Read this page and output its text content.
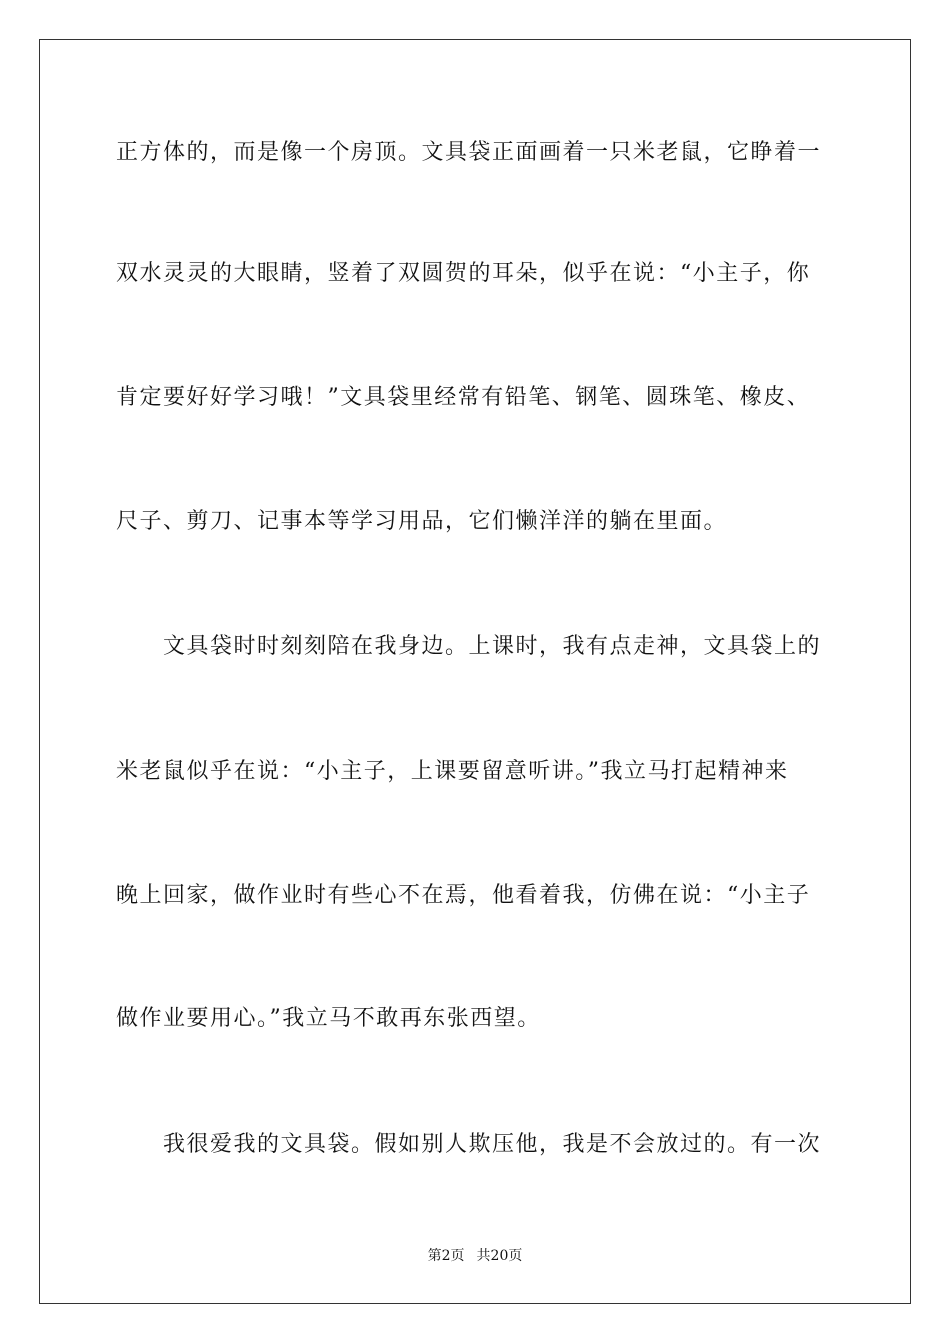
正方体的，而是像一个房顶。文具袋正面画着一只米老鼠，它睁着一
双水灵灵的大眼睛，竖着了双圆贺的耳朵，似乎在说：“小主子，你
肯定要好好学习哦！”文具袋里经常有铅笔、钢笔、圆珠笔、橡皮、
尺子、剪刀、记事本等学习用品，它们懒洋洋的躺在里面。
文具袋时时刻刻陪在我身边。上课时，我有点走神，文具袋上的
米老鼠似乎在说：“小主子，上课要留意听讲。”我立马打起精神来
晚上回家，做作业时有些心不在焉，他看着我，仿佛在说：“小主子
做作业要用心。”我立马不敢再东张西望。
我很爱我的文具袋。假如别人欺压他，我是不会放过的。有一次
第2页 共20页
